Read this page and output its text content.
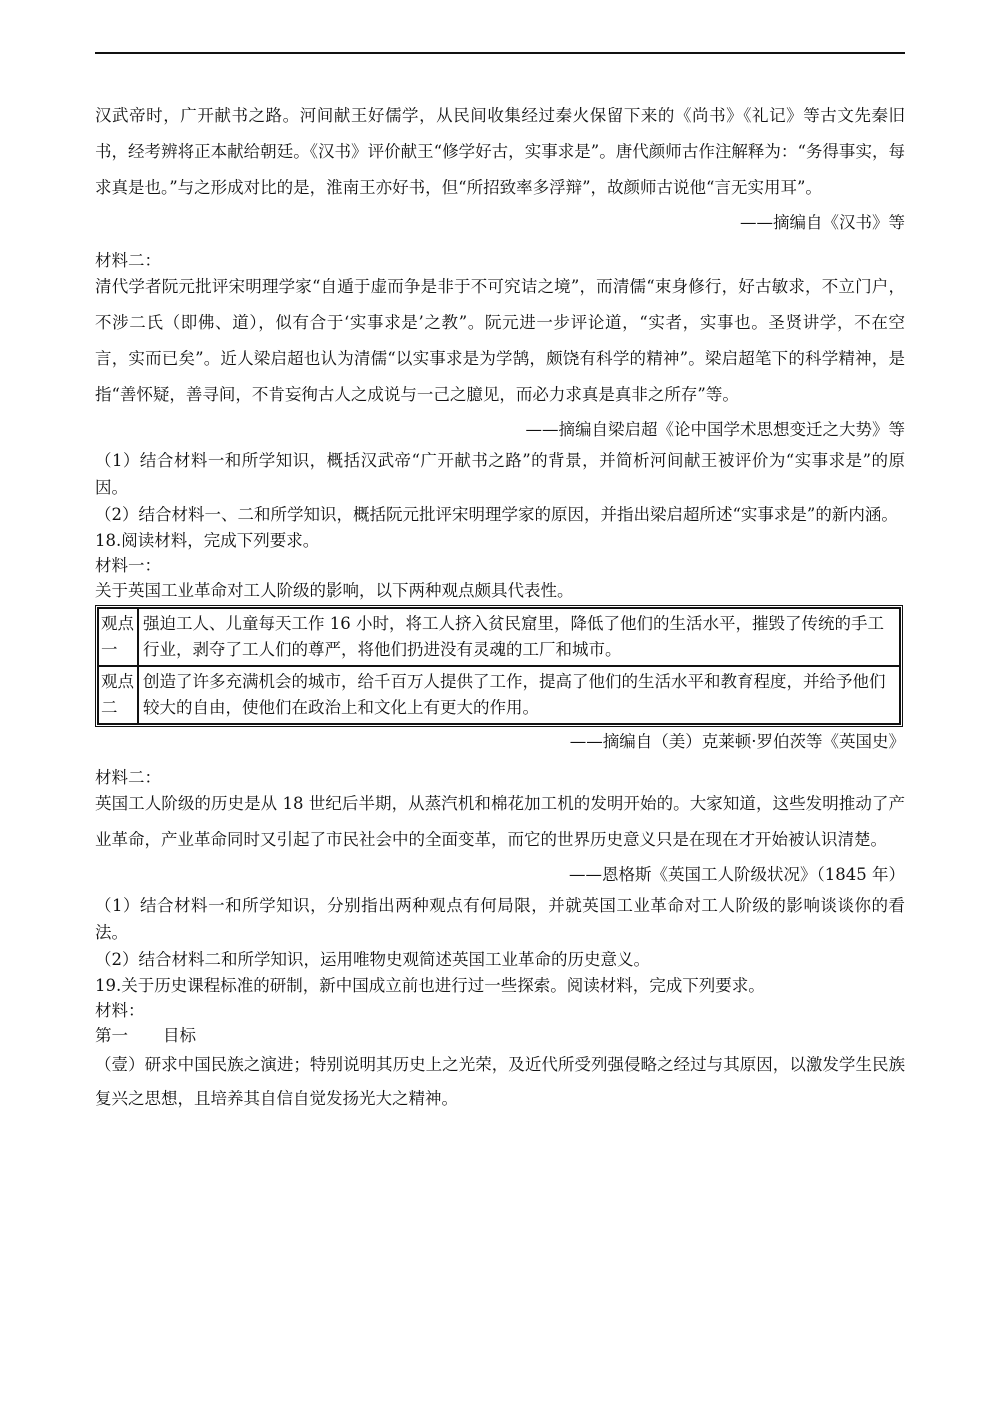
汉武帝时，广开献书之路。河间献王好儒学，从民间收集经过秦火保留下来的《尚书》《礼记》等古文先秦旧书，经考辨将正本献给朝廷。《汉书》评价献王“修学好古，实事求是”。唐代颜师古作注解释为：“务得事实，每求真是也。”与之形成对比的是，淮南王亦好书，但“所招致率多浮辩”，故颜师古说他“言无实用耳”。

——摘编自《汉书》等

材料二：

清代学者阮元批评宋明理学家“自遁于虚而争是非于不可究诘之境”，而清儒“束身修行，好古敏求，不立门户，不涉二氏（即佛、道），似有合于‘实事求是’之教”。阮元进一步评论道，“实者，实事也。圣贤讲学，不在空言，实而已矣”。近人梁启超也认为清儒“以实事求是为学鹄，颇饶有科学的精神”。梁启超笔下的科学精神，是指“善怀疑，善寻间，不肯妄徇古人之成说与一己之臆见，而必力求真是真非之所存”等。

——摘编自梁启超《论中国学术思想变迁之大势》等

（1）结合材料一和所学知识，概括汉武帝“广开献书之路”的背景，并简析河间献王被评价为“实事求是”的原因。

（2）结合材料一、二和所学知识，概括阮元批评宋明理学家的原因，并指出梁启超所述“实事求是”的新内涵。

18.阅读材料，完成下列要求。

材料一：

关于英国工业革命对工人阶级的影响，以下两种观点颇具代表性。

观点一	强迫工人、儿童每天工作 16 小时，将工人挤入贫民窟里，降低了他们的生活水平，摧毁了传统的手工行业，剥夺了工人们的尊严，将他们扔进没有灵魂的工厂和城市。
观点二	创造了许多充满机会的城市，给千百万人提供了工作，提高了他们的生活水平和教育程度，并给予他们较大的自由，使他们在政治上和文化上有更大的作用。

——摘编自（美）克莱顿·罗伯茨等《英国史》

材料二：

英国工人阶级的历史是从 18 世纪后半期，从蒸汽机和棉花加工机的发明开始的。大家知道，这些发明推动了产业革命，产业革命同时又引起了市民社会中的全面变革，而它的世界历史意义只是在现在才开始被认识清楚。

——恩格斯《英国工人阶级状况》（1845 年）

（1）结合材料一和所学知识，分别指出两种观点有何局限，并就英国工业革命对工人阶级的影响谈谈你的看法。

（2）结合材料二和所学知识，运用唯物史观简述英国工业革命的历史意义。

19.关于历史课程标准的研制，新中国成立前也进行过一些探索。阅读材料，完成下列要求。

材料：

第一 目标

（壹）研求中国民族之演进；特别说明其历史上之光荣，及近代所受列强侵略之经过与其原因，以激发学生民族复兴之思想，且培养其自信自觉发扬光大之精神。
